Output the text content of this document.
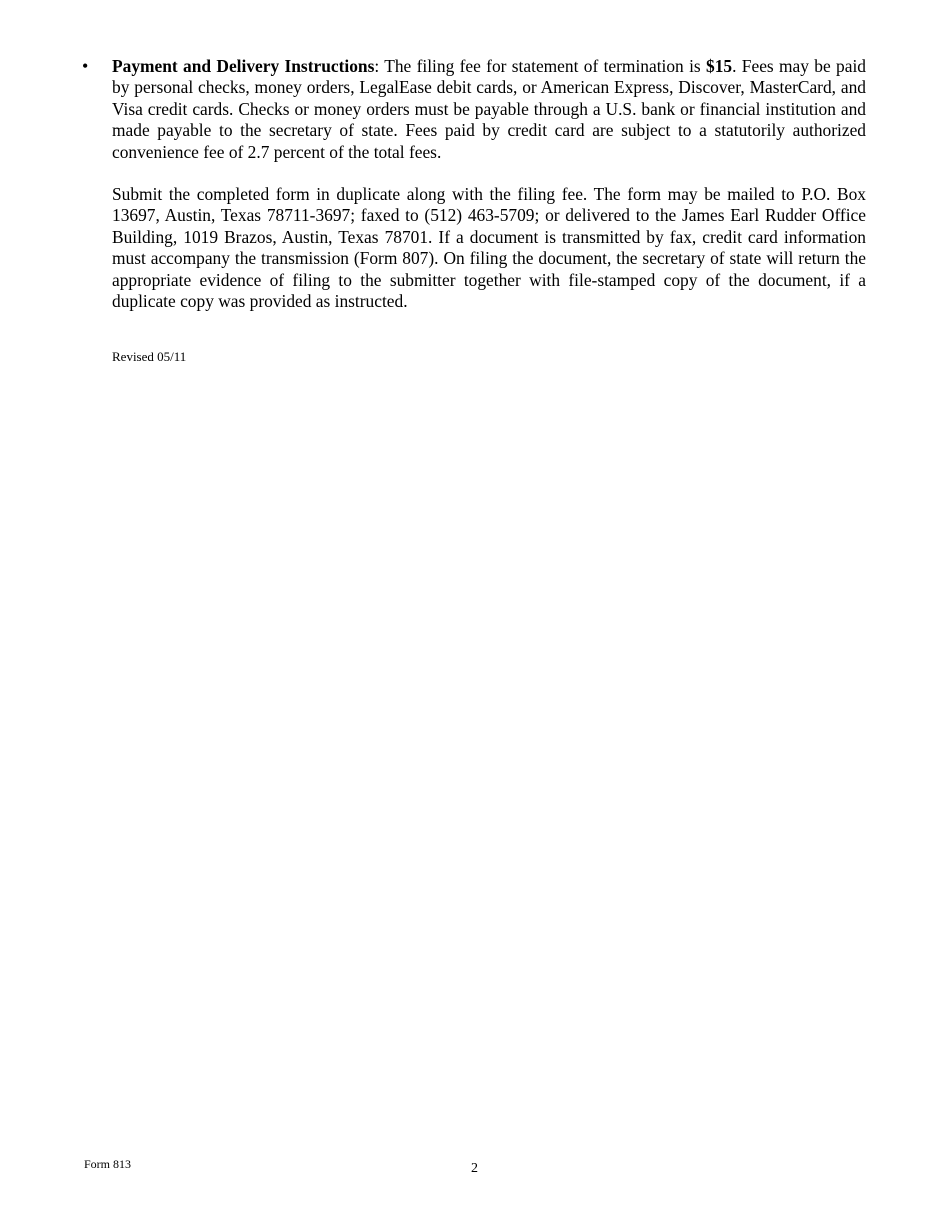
• Payment and Delivery Instructions: The filing fee for statement of termination is $15. Fees may be paid by personal checks, money orders, LegalEase debit cards, or American Express, Discover, MasterCard, and Visa credit cards. Checks or money orders must be payable through a U.S. bank or financial institution and made payable to the secretary of state. Fees paid by credit card are subject to a statutorily authorized convenience fee of 2.7 percent of the total fees.

Submit the completed form in duplicate along with the filing fee. The form may be mailed to P.O. Box 13697, Austin, Texas 78711-3697; faxed to (512) 463-5709; or delivered to the James Earl Rudder Office Building, 1019 Brazos, Austin, Texas 78701. If a document is transmitted by fax, credit card information must accompany the transmission (Form 807). On filing the document, the secretary of state will return the appropriate evidence of filing to the submitter together with file-stamped copy of the document, if a duplicate copy was provided as instructed.

Revised 05/11
Form 813	2
